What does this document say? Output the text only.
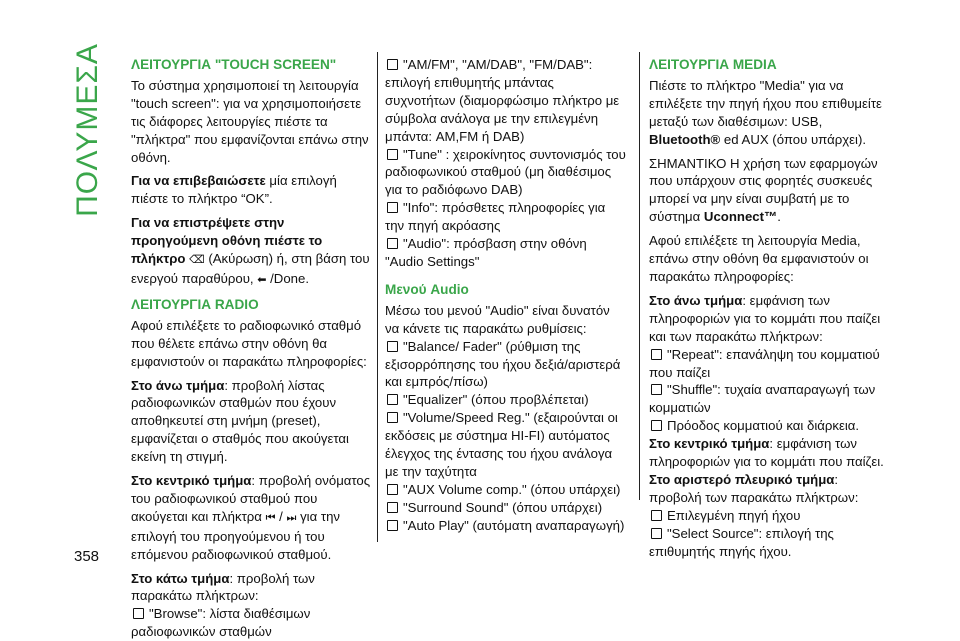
ΠΟΛΥΜΕΣΑ
358
ΛΕΙΤΟΥΡΓΙΑ "TOUCH SCREEN"

Το σύστημα χρησιμοποιεί τη λειτουργία "touch screen": για να χρησιμοποιήσετε τις διάφορες λειτουργίες πιέστε τα "πλήκτρα" που εμφανίζονται επάνω στην οθόνη.

Για να επιβεβαιώσετε μία επιλογή πιέστε το πλήκτρο “OK”.

Για να επιστρέψετε στην προηγούμενη οθόνη πιέστε το πλήκτρο ⌫ (Ακύρωση) ή, στη βάση του ενεργού παραθύρου, ⬅ /Done.

ΛΕΙΤΟΥΡΓΙΑ RADIO

Αφού επιλέξετε το ραδιοφωνικό σταθμό που θέλετε επάνω στην οθόνη θα εμφανιστούν οι παρακάτω πληροφορίες:

Στο άνω τμήμα: προβολή λίστας ραδιοφωνικών σταθμών που έχουν αποθηκευτεί στη μνήμη (preset), εμφανίζεται ο σταθμός που ακούγεται εκείνη τη στιγμή.

Στο κεντρικό τμήμα: προβολή ονόματος του ραδιοφωνικού σταθμού που ακούγεται και πλήκτρα ⏮ / ⏭ για την επιλογή του προηγούμενου ή του επόμενου ραδιοφωνικού σταθμού.

Στο κάτω τμήμα: προβολή των παρακάτω πλήκτρων:

"Browse": λίστα διαθέσιμων ραδιοφωνικών σταθμών

"AM/FM", "AM/DAB", "FM/DAB": επιλογή επιθυμητής μπάντας συχνοτήτων (διαμορφώσιμο πλήκτρο με σύμβολα ανάλογα με την επιλεγμένη μπάντα: AM,FM ή DAB)

"Tune" : χειροκίνητος συντονισμός του ραδιοφωνικού σταθμού (μη διαθέσιμος για το ραδιόφωνο DAB)

"Info": πρόσθετες πληροφορίες για την πηγή ακρόασης

"Audio": πρόσβαση στην οθόνη "Audio Settings"

Μενού Audio

Μέσω του μενού "Audio" είναι δυνατόν να κάνετε τις παρακάτω ρυθμίσεις:

"Balance/ Fader" (ρύθμιση της εξισορρόπησης του ήχου δεξιά/αριστερά και εμπρός/πίσω)

"Equalizer" (όπου προβλέπεται)

"Volume/Speed Reg." (εξαιρούνται οι εκδόσεις με σύστημα HI-FI) αυτόματος έλεγχος της έντασης του ήχου ανάλογα με την ταχύτητα

"AUX Volume comp." (όπου υπάρχει)

"Surround Sound" (όπου υπάρχει)

"Auto Play" (αυτόματη αναπαραγωγή)

ΛΕΙΤΟΥΡΓΙΑ MEDIA

Πιέστε το πλήκτρο "Media" για να επιλέξετε την πηγή ήχου που επιθυμείτε μεταξύ των διαθέσιμων: USB, Bluetooth® ed AUX (όπου υπάρχει).

ΣΗΜΑΝΤΙΚΟ Η χρήση των εφαρμογών που υπάρχουν στις φορητές συσκευές μπορεί να μην είναι συμβατή με το σύστημα Uconnect™.

Αφού επιλέξετε τη λειτουργία Media, επάνω στην οθόνη θα εμφανιστούν οι παρακάτω πληροφορίες:

Στο άνω τμήμα: εμφάνιση των πληροφοριών για το κομμάτι που παίζει και των παρακάτω πλήκτρων:

"Repeat": επανάληψη του κομματιού που παίζει

"Shuffle": τυχαία αναπαραγωγή των κομματιών

Πρόοδος κομματιού και διάρκεια.

Στο κεντρικό τμήμα: εμφάνιση των πληροφοριών για το κομμάτι που παίζει.

Στο αριστερό πλευρικό τμήμα: προβολή των παρακάτω πλήκτρων:

Επιλεγμένη πηγή ήχου

"Select Source": επιλογή της επιθυμητής πηγής ήχου.
